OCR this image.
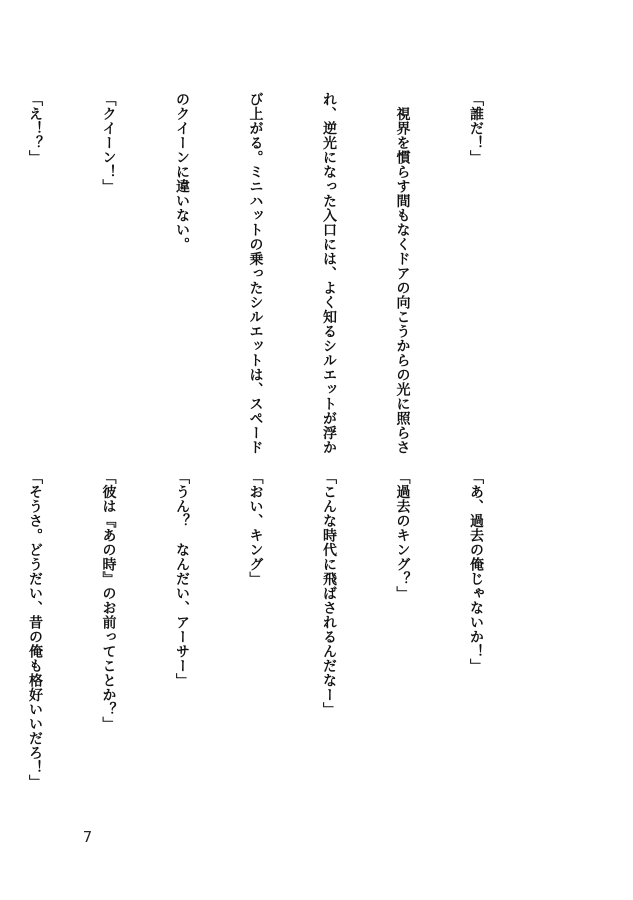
「誰だ！」

　視界を慣らす間もなくドアの向こうからの光に照らさ

れ、逆光になった入口には、よく知るシルエットが浮か

び上がる。ミニハットの乗ったシルエットは、スペード

のクイーンに違いない。

「クイーン！」

「え！？」

「あ、過去の俺じゃないか！」

「過去のキング？」

「こんな時代に飛ばされるんだなー」

「おい、キング」

「うん？　なんだい、アーサー」

「彼は『あの時』のお前ってことか？」

「そうさ。どうだい、昔の俺も格好いいだろ！」

7
